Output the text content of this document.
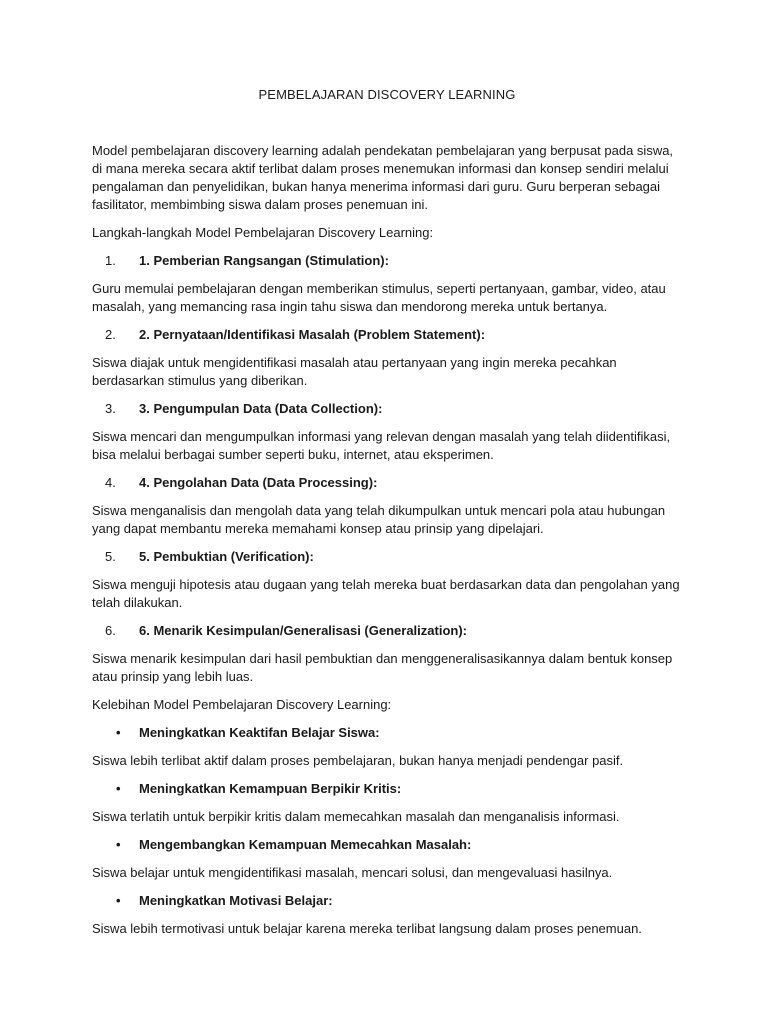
PEMBELAJARAN DISCOVERY LEARNING

Model pembelajaran discovery learning adalah pendekatan pembelajaran yang berpusat pada siswa, di mana mereka secara aktif terlibat dalam proses menemukan informasi dan konsep sendiri melalui pengalaman dan penyelidikan, bukan hanya menerima informasi dari guru. Guru berperan sebagai fasilitator, membimbing siswa dalam proses penemuan ini.

Langkah-langkah Model Pembelajaran Discovery Learning:

1.	1. Pemberian Rangsangan (Stimulation):

Guru memulai pembelajaran dengan memberikan stimulus, seperti pertanyaan, gambar, video, atau masalah, yang memancing rasa ingin tahu siswa dan mendorong mereka untuk bertanya.

2.	2. Pernyataan/Identifikasi Masalah (Problem Statement):

Siswa diajak untuk mengidentifikasi masalah atau pertanyaan yang ingin mereka pecahkan berdasarkan stimulus yang diberikan.

3.	3. Pengumpulan Data (Data Collection):

Siswa mencari dan mengumpulkan informasi yang relevan dengan masalah yang telah diidentifikasi, bisa melalui berbagai sumber seperti buku, internet, atau eksperimen.

4.	4. Pengolahan Data (Data Processing):

Siswa menganalisis dan mengolah data yang telah dikumpulkan untuk mencari pola atau hubungan yang dapat membantu mereka memahami konsep atau prinsip yang dipelajari.

5.	5. Pembuktian (Verification):

Siswa menguji hipotesis atau dugaan yang telah mereka buat berdasarkan data dan pengolahan yang telah dilakukan.

6.	6. Menarik Kesimpulan/Generalisasi (Generalization):

Siswa menarik kesimpulan dari hasil pembuktian dan menggeneralisasikannya dalam bentuk konsep atau prinsip yang lebih luas.

Kelebihan Model Pembelajaran Discovery Learning:

•	Meningkatkan Keaktifan Belajar Siswa:

Siswa lebih terlibat aktif dalam proses pembelajaran, bukan hanya menjadi pendengar pasif.

•	Meningkatkan Kemampuan Berpikir Kritis:

Siswa terlatih untuk berpikir kritis dalam memecahkan masalah dan menganalisis informasi.

•	Mengembangkan Kemampuan Memecahkan Masalah:

Siswa belajar untuk mengidentifikasi masalah, mencari solusi, dan mengevaluasi hasilnya.

•	Meningkatkan Motivasi Belajar:

Siswa lebih termotivasi untuk belajar karena mereka terlibat langsung dalam proses penemuan.
